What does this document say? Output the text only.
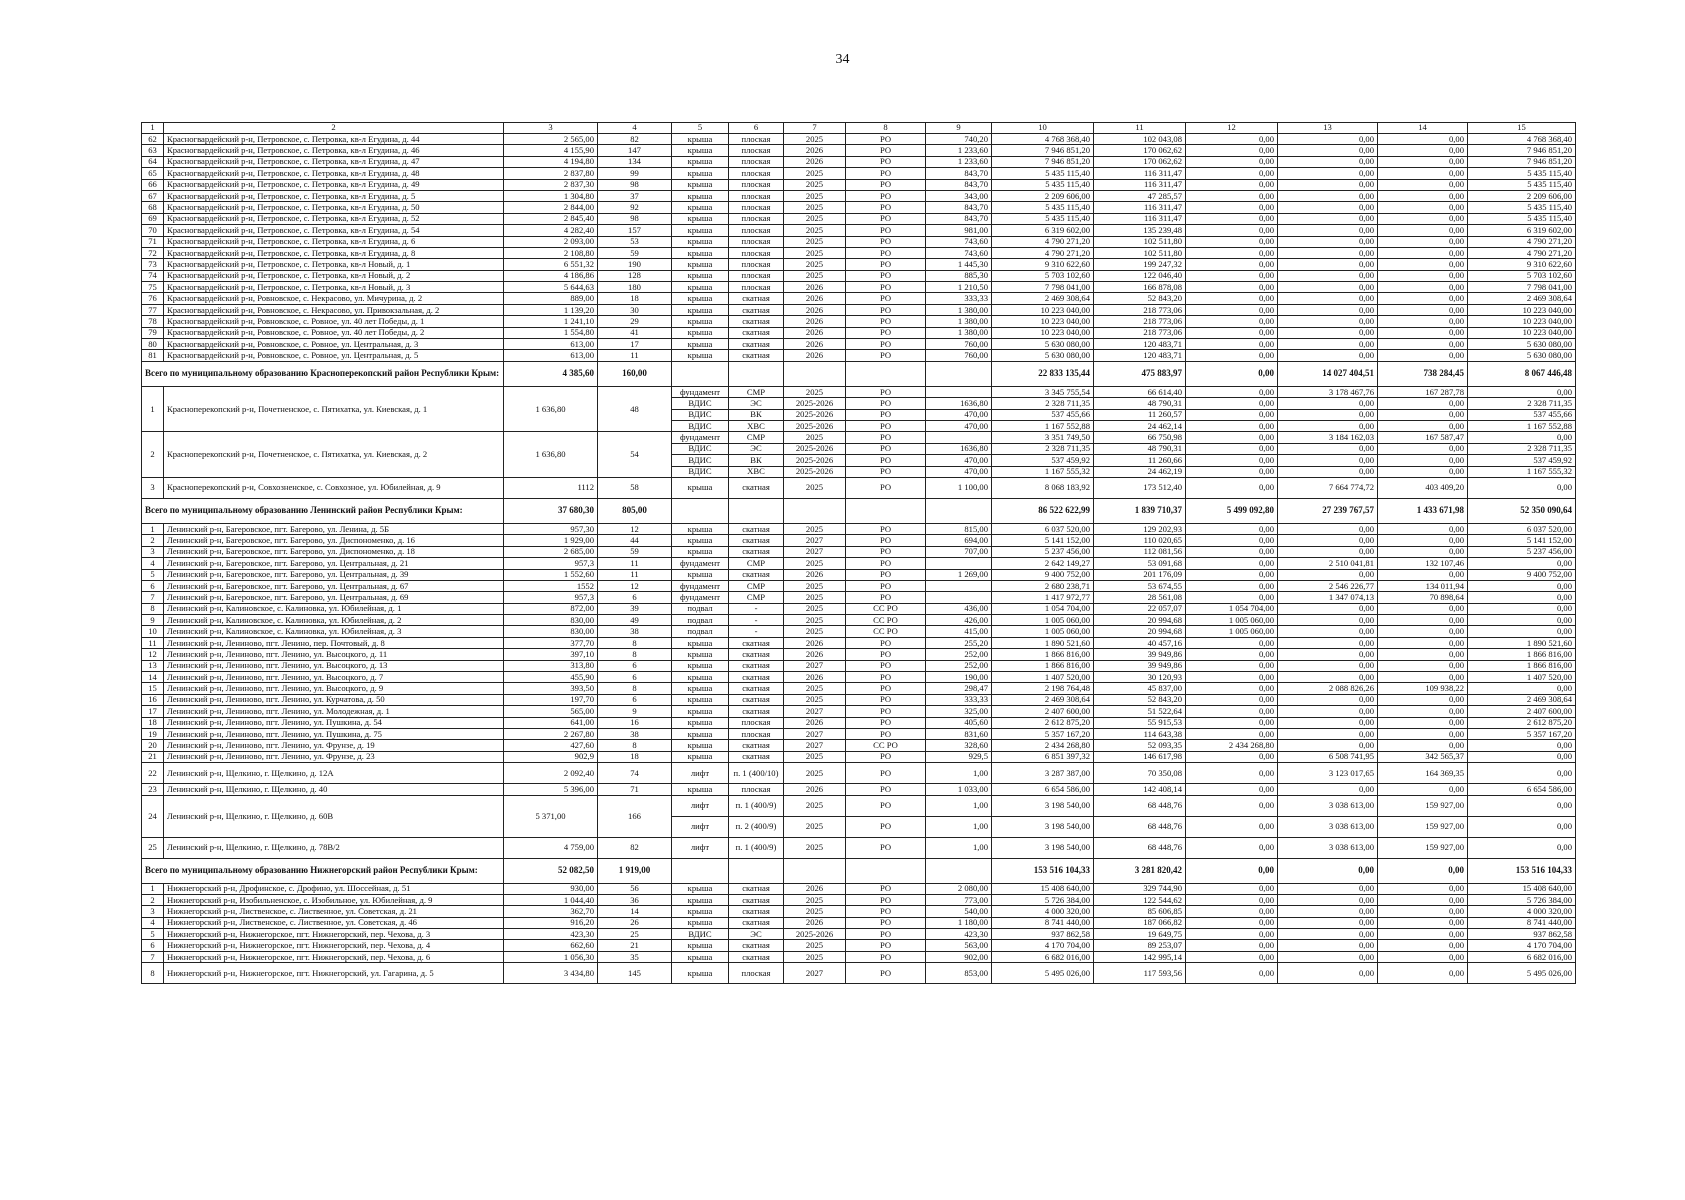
34
1	2	3	4	5	6	7	8	9	10	11	12	13	14	15
62	Красногвардейский р-н, Петровское, с. Петровка, кв-л Егудина, д. 44	2 565,00	82	крыша	плоская	2025	РО	740,20	4 768 368,40	102 043,08	0,00	0,00	0,00	4 768 368,40
63	Красногвардейский р-н, Петровское, с. Петровка, кв-л Егудина, д. 46	4 155,90	147	крыша	плоская	2026	РО	1 233,60	7 946 851,20	170 062,62	0,00	0,00	0,00	7 946 851,20
64	Красногвардейский р-н, Петровское, с. Петровка, кв-л Егудина, д. 47	4 194,80	134	крыша	плоская	2026	РО	1 233,60	7 946 851,20	170 062,62	0,00	0,00	0,00	7 946 851,20
65	Красногвардейский р-н, Петровское, с. Петровка, кв-л Егудина, д. 48	2 837,80	99	крыша	плоская	2025	РО	843,70	5 435 115,40	116 311,47	0,00	0,00	0,00	5 435 115,40
66	Красногвардейский р-н, Петровское, с. Петровка, кв-л Егудина, д. 49	2 837,30	98	крыша	плоская	2025	РО	843,70	5 435 115,40	116 311,47	0,00	0,00	0,00	5 435 115,40
67	Красногвардейский р-н, Петровское, с. Петровка, кв-л Егудина, д. 5	1 304,80	37	крыша	плоская	2025	РО	343,00	2 209 606,00	47 285,57	0,00	0,00	0,00	2 209 606,00
68	Красногвардейский р-н, Петровское, с. Петровка, кв-л Егудина, д. 50	2 844,00	92	крыша	плоская	2025	РО	843,70	5 435 115,40	116 311,47	0,00	0,00	0,00	5 435 115,40
69	Красногвардейский р-н, Петровское, с. Петровка, кв-л Егудина, д. 52	2 845,40	98	крыша	плоская	2025	РО	843,70	5 435 115,40	116 311,47	0,00	0,00	0,00	5 435 115,40
70	Красногвардейский р-н, Петровское, с. Петровка, кв-л Егудина, д. 54	4 282,40	157	крыша	плоская	2025	РО	981,00	6 319 602,00	135 239,48	0,00	0,00	0,00	6 319 602,00
71	Красногвардейский р-н, Петровское, с. Петровка, кв-л Егудина, д. 6	2 093,00	53	крыша	плоская	2025	РО	743,60	4 790 271,20	102 511,80	0,00	0,00	0,00	4 790 271,20
72	Красногвардейский р-н, Петровское, с. Петровка, кв-л Егудина, д. 8	2 108,80	59	крыша	плоская	2025	РО	743,60	4 790 271,20	102 511,80	0,00	0,00	0,00	4 790 271,20
73	Красногвардейский р-н, Петровское, с. Петровка, кв-л Новый, д. 1	6 551,32	190	крыша	плоская	2025	РО	1 445,30	9 310 622,60	199 247,32	0,00	0,00	0,00	9 310 622,60
74	Красногвардейский р-н, Петровское, с. Петровка, кв-л Новый, д. 2	4 186,86	128	крыша	плоская	2025	РО	885,30	5 703 102,60	122 046,40	0,00	0,00	0,00	5 703 102,60
75	Красногвардейский р-н, Петровское, с. Петровка, кв-л Новый, д. 3	5 644,63	180	крыша	плоская	2026	РО	1 210,50	7 798 041,00	166 878,08	0,00	0,00	0,00	7 798 041,00
76	Красногвардейский р-н, Ровновское, с. Некрасово, ул. Мичурина, д. 2	889,00	18	крыша	скатная	2026	РО	333,33	2 469 308,64	52 843,20	0,00	0,00	0,00	2 469 308,64
77	Красногвардейский р-н, Ровновское, с. Некрасово, ул. Привокзальная, д. 2	1 139,20	30	крыша	скатная	2026	РО	1 380,00	10 223 040,00	218 773,06	0,00	0,00	0,00	10 223 040,00
78	Красногвардейский р-н, Ровновское, с. Ровное, ул. 40 лет Победы, д. 1	1 241,10	29	крыша	скатная	2026	РО	1 380,00	10 223 040,00	218 773,06	0,00	0,00	0,00	10 223 040,00
79	Красногвардейский р-н, Ровновское, с. Ровное, ул. 40 лет Победы, д. 2	1 554,80	41	крыша	скатная	2026	РО	1 380,00	10 223 040,00	218 773,06	0,00	0,00	0,00	10 223 040,00
80	Красногвардейский р-н, Ровновское, с. Ровное, ул. Центральная, д. 3	613,00	17	крыша	скатная	2026	РО	760,00	5 630 080,00	120 483,71	0,00	0,00	0,00	5 630 080,00
81	Красногвардейский р-н, Ровновское, с. Ровное, ул. Центральная, д. 5	613,00	11	крыша	скатная	2026	РО	760,00	5 630 080,00	120 483,71	0,00	0,00	0,00	5 630 080,00
Всего по муниципальному образованию Красноперекопский район Республики Крым:		4 385,60	160,00						22 833 135,44	475 883,97	0,00	14 027 404,51	738 284,45	8 067 446,48
1	Красноперекопский р-н, Почетненское, с. Пятихатка, ул. Киевская, д. 1	1 636,80	48	фундамент	СМР	2025	РО		3 345 755,54	66 614,40	0,00	3 178 467,76	167 287,78	0,00
				ВДИС	ЭС	2025-2026	РО	1636,80	2 328 711,35	48 790,31	0,00	0,00	0,00	2 328 711,35
				ВДИС	ВК	2025-2026	РО	470,00	537 455,66	11 260,57	0,00	0,00	0,00	537 455,66
				ВДИС	ХВС	2025-2026	РО	470,00	1 167 552,88	24 462,14	0,00	0,00	0,00	1 167 552,88
2	Красноперекопский р-н, Почетненское, с. Пятихатка, ул. Киевская, д. 2	1 636,80	54	фундамент	СМР	2025	РО		3 351 749,50	66 750,98	0,00	3 184 162,03	167 587,47	0,00
				ВДИС	ЭС	2025-2026	РО	1636,80	2 328 711,35	48 790,31	0,00	0,00	0,00	2 328 711,35
				ВДИС	ВК	2025-2026	РО	470,00	537 459,92	11 260,66	0,00	0,00	0,00	537 459,92
				ВДИС	ХВС	2025-2026	РО	470,00	1 167 555,32	24 462,19	0,00	0,00	0,00	1 167 555,32
3	Красноперекопский р-н, Совхозненское, с. Совхозное, ул. Юбилейная, д. 9	1112	58	крыша	скатная	2025	РО	1 100,00	8 068 183,92	173 512,40	0,00	7 664 774,72	403 409,20	0,00
Всего по муниципальному образованию Ленинский район Республики Крым:		37 680,30	805,00						86 522 622,99	1 839 710,37	5 499 092,80	27 239 767,57	1 433 671,98	52 350 090,64
1	Ленинский р-н, Багеровское, пгт. Багерово, ул. Ленина, д. 5Б	957,30	12	крыша	скатная	2025	РО	815,00	6 037 520,00	129 202,93	0,00	0,00	0,00	6 037 520,00
2	Ленинский р-н, Багеровское, пгт. Багерово, ул. Диспономенко, д. 16	1 929,00	44	крыша	скатная	2027	РО	694,00	5 141 152,00	110 020,65	0,00	0,00	0,00	5 141 152,00
3	Ленинский р-н, Багеровское, пгт. Багерово, ул. Диспономенко, д. 18	2 685,00	59	крыша	скатная	2027	РО	707,00	5 237 456,00	112 081,56	0,00	0,00	0,00	5 237 456,00
4	Ленинский р-н, Багеровское, пгт. Багерово, ул. Центральная, д. 21	957,3	11	фундамент	СМР	2025	РО		2 642 149,27	53 091,68	0,00	2 510 041,81	132 107,46	0,00
5	Ленинский р-н, Багеровское, пгт. Багерово, ул. Центральная, д. 39	1 552,60	11	крыша	скатная	2026	РО	1 269,00	9 400 752,00	201 176,09	0,00	0,00	0,00	9 400 752,00
6	Ленинский р-н, Багеровское, пгт. Багерово, ул. Центральная, д. 67	1552	12	фундамент	СМР	2025	РО		2 680 238,71	53 674,55	0,00	2 546 226,77	134 011,94	0,00
7	Ленинский р-н, Багеровское, пгт. Багерово, ул. Центральная, д. 69	957,3	6	фундамент	СМР	2025	РО		1 417 972,77	28 561,08	0,00	1 347 074,13	70 898,64	0,00
8	Ленинский р-н, Калиновское, с. Калиновка, ул. Юбилейная, д. 1	872,00	39	подвал	-	2025	СС РО	436,00	1 054 704,00	22 057,07	1 054 704,00	0,00	0,00	0,00
9	Ленинский р-н, Калиновское, с. Калиновка, ул. Юбилейная, д. 2	830,00	49	подвал	-	2025	СС РО	426,00	1 005 060,00	20 994,68	1 005 060,00	0,00	0,00	0,00
10	Ленинский р-н, Калиновское, с. Калиновка, ул. Юбилейная, д. 3	830,00	38	подвал	-	2025	СС РО	415,00	1 005 060,00	20 994,68	1 005 060,00	0,00	0,00	0,00
11	Ленинский р-н, Лениново, пгт. Ленино, пер. Почтовый, д. 8	377,70	8	крыша	скатная	2026	РО	255,20	1 890 521,60	40 457,16	0,00	0,00	0,00	1 890 521,60
12	Ленинский р-н, Лениново, пгт. Ленино, ул. Высоцкого, д. 11	397,10	8	крыша	скатная	2026	РО	252,00	1 866 816,00	39 949,86	0,00	0,00	0,00	1 866 816,00
13	Ленинский р-н, Лениново, пгт. Ленино, ул. Высоцкого, д. 13	313,80	6	крыша	скатная	2027	РО	252,00	1 866 816,00	39 949,86	0,00	0,00	0,00	1 866 816,00
14	Ленинский р-н, Лениново, пгт. Ленино, ул. Высоцкого, д. 7	455,90	6	крыша	скатная	2026	РО	190,00	1 407 520,00	30 120,93	0,00	0,00	0,00	1 407 520,00
15	Ленинский р-н, Лениново, пгт. Ленино, ул. Высоцкого, д. 9	393,50	8	крыша	скатная	2025	РО	298,47	2 198 764,48	45 837,00	0,00	2 088 826,26	109 938,22	0,00
16	Ленинский р-н, Лениново, пгт. Ленино, ул. Курчатова, д. 50	197,70	6	крыша	скатная	2025	РО	333,33	2 469 308,64	52 843,20	0,00	0,00	0,00	2 469 308,64
17	Ленинский р-н, Лениново, пгт. Ленино, ул. Молодежная, д. 1	565,00	9	крыша	скатная	2027	РО	325,00	2 407 600,00	51 522,64	0,00	0,00	0,00	2 407 600,00
18	Ленинский р-н, Лениново, пгт. Ленино, ул. Пушкина, д. 54	641,00	16	крыша	плоская	2026	РО	405,60	2 612 875,20	55 915,53	0,00	0,00	0,00	2 612 875,20
19	Ленинский р-н, Лениново, пгт. Ленино, ул. Пушкина, д. 75	2 267,80	38	крыша	плоская	2027	РО	831,60	5 357 167,20	114 643,38	0,00	0,00	0,00	5 357 167,20
20	Ленинский р-н, Лениново, пгт. Ленино, ул. Фрунзе, д. 19	427,60	8	крыша	скатная	2027	СС РО	328,60	2 434 268,80	52 093,35	2 434 268,80	0,00	0,00	0,00
21	Ленинский р-н, Лениново, пгт. Ленино, ул. Фрунзе, д. 23	902,9	18	крыша	скатная	2025	РО	929,5	6 851 397,32	146 617,98	0,00	6 508 741,95	342 565,37	0,00
22	Ленинский р-н, Щелкино, г. Щелкино, д. 12А	2 092,40	74	лифт	п. 1 (400/10)	2025	РО	1,00	3 287 387,00	70 350,08	0,00	3 123 017,65	164 369,35	0,00
23	Ленинский р-н, Щелкино, г. Щелкино, д. 40	5 396,00	71	крыша	плоская	2026	РО	1 033,00	6 654 586,00	142 408,14	0,00	0,00	0,00	6 654 586,00
24	Ленинский р-н, Щелкино, г. Щелкино, д. 60В	5 371,00	166	лифт	п. 1 (400/9)	2025	РО	1,00	3 198 540,00	68 448,76	0,00	3 038 613,00	159 927,00	0,00
				лифт	п. 2 (400/9)	2025	РО	1,00	3 198 540,00	68 448,76	0,00	3 038 613,00	159 927,00	0,00
25	Ленинский р-н, Щелкино, г. Щелкино, д. 78В/2	4 759,00	82	лифт	п. 1 (400/9)	2025	РО	1,00	3 198 540,00	68 448,76	0,00	3 038 613,00	159 927,00	0,00
Всего по муниципальному образованию Нижнегорский район Республики Крым:		52 082,50	1 919,00						153 516 104,33	3 281 820,42	0,00	0,00	0,00	153 516 104,33
1	Нижнегорский р-н, Дрофинское, с. Дрофино, ул. Шоссейная, д. 51	930,00	56	крыша	скатная	2026	РО	2 080,00	15 408 640,00	329 744,90	0,00	0,00	0,00	15 408 640,00
2	Нижнегорский р-н, Изобильненское, с. Изобильное, ул. Юбилейная, д. 9	1 044,40	36	крыша	скатная	2025	РО	773,00	5 726 384,00	122 544,62	0,00	0,00	0,00	5 726 384,00
3	Нижнегорский р-н, Лиственское, с. Лиственное, ул. Советская, д. 21	362,70	14	крыша	скатная	2025	РО	540,00	4 000 320,00	85 606,85	0,00	0,00	0,00	4 000 320,00
4	Нижнегорский р-н, Лиственское, с. Лиственное, ул. Советская, д. 46	916,20	26	крыша	скатная	2026	РО	1 180,00	8 741 440,00	187 066,82	0,00	0,00	0,00	8 741 440,00
5	Нижнегорский р-н, Нижнегорское, пгт. Нижнегорский, пер. Чехова, д. 3	423,30	25	ВДИС	ЭС	2025-2026	РО	423,30	937 862,58	19 649,75	0,00	0,00	0,00	937 862,58
6	Нижнегорский р-н, Нижнегорское, пгт. Нижнегорский, пер. Чехова, д. 4	662,60	21	крыша	скатная	2025	РО	563,00	4 170 704,00	89 253,07	0,00	0,00	0,00	4 170 704,00
7	Нижнегорский р-н, Нижнегорское, пгт. Нижнегорский, пер. Чехова, д. 6	1 056,30	35	крыша	скатная	2025	РО	902,00	6 682 016,00	142 995,14	0,00	0,00	0,00	6 682 016,00
8	Нижнегорский р-н, Нижнегорское, пгт. Нижнегорский, ул. Гагарина, д. 5	3 434,80	145	крыша	плоская	2027	РО	853,00	5 495 026,00	117 593,56	0,00	0,00	0,00	5 495 026,00
